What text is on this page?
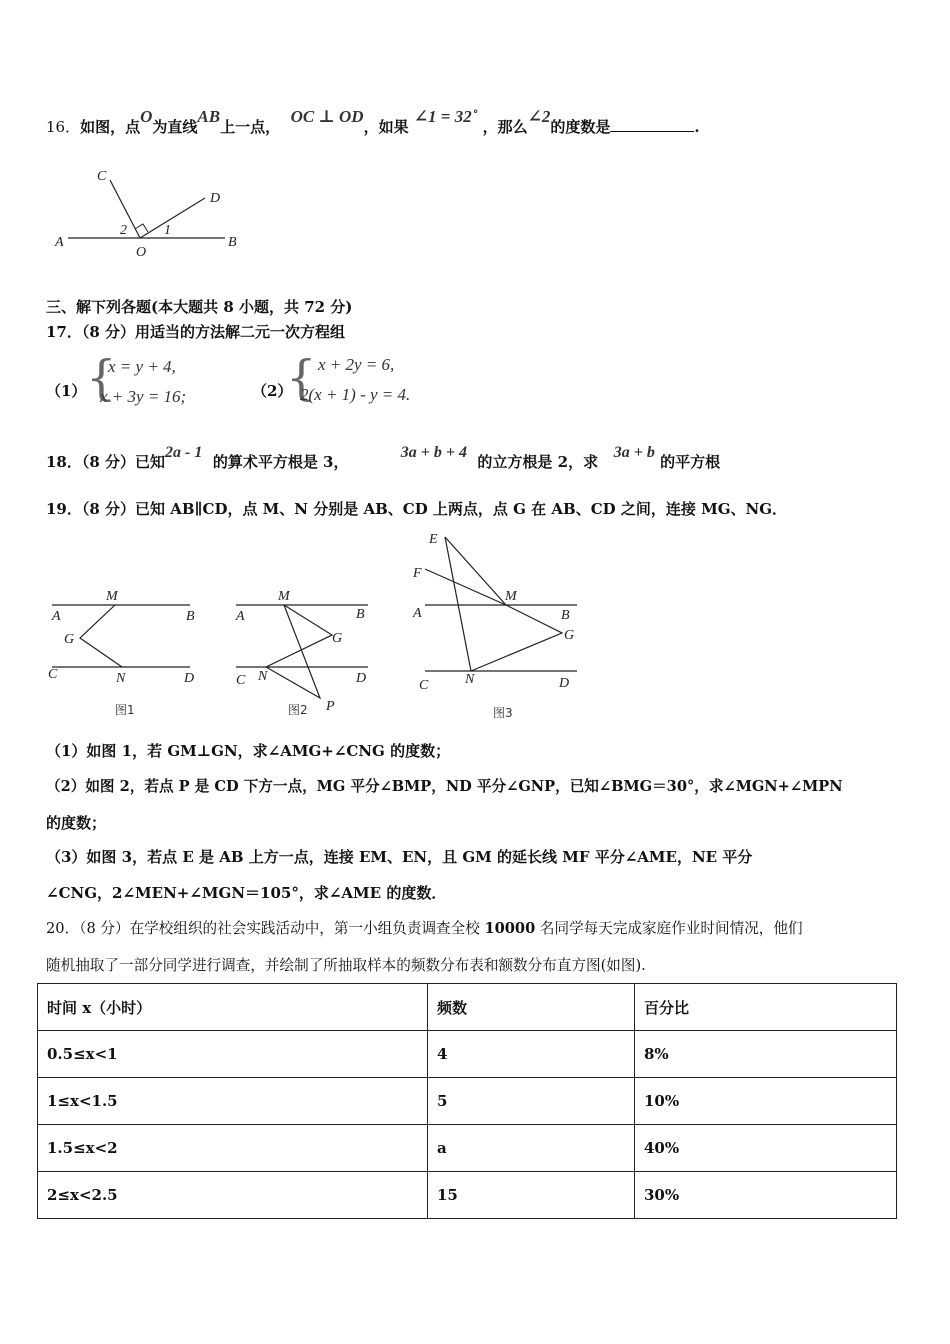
16．如图，点O为直线AB上一点，  OC ⊥ OD，如果 ∠1 = 32˚ ，那么∠2的度数是	.
C
D
2	1
A
O
B
三、解下列各题(本大题共 8 小题，共 72 分)
17．（8 分）用适当的方法解二元一次方程组
（1） {
x = y + 4,
x + 3y = 16;	（2）
{ x + 2y = 6,
2(x + 1) - y = 4.
18．（8 分）已知2a - 1  的算术平方根是 3，          3a + b + 4  的立方根是 2，求   3a + b 的平方根
19．（8 分）已知 AB∥CD，点 M、N 分别是 AB、CD 上两点，点 G 在 AB、CD 之间，连接 MG、NG．
A	B
C	D
M
N
G
图1
A	B
C	D
M
N
G
P
图2
E
F
A	B
M
G
C	N	D
图3
（1）如图 1，若 GM⊥GN，求∠AMG+∠CNG 的度数；
（2）如图 2，若点 P 是 CD 下方一点，MG 平分∠BMP，ND 平分∠GNP，已知∠BMG＝30°，求∠MGN+∠MPN
的度数；
（3）如图 3，若点 E 是 AB 上方一点，连接 EM、EN，且 GM 的延长线 MF 平分∠AME，NE 平分
∠CNG，2∠MEN+∠MGN＝105°，求∠AME 的度数．
20．（8 分）在学校组织的社会实践活动中，第一小组负责调查全校 10000 名同学每天完成家庭作业时间情况，他们
随机抽取了一部分同学进行调查，并绘制了所抽取样本的频数分布表和额数分布直方图(如图).
时间 x（小时）	频数	百分比
0.5≤x<1	4	8%
1≤x<1.5	5	10%
1.5≤x<2	a	40%
2≤x<2.5	15	30%
